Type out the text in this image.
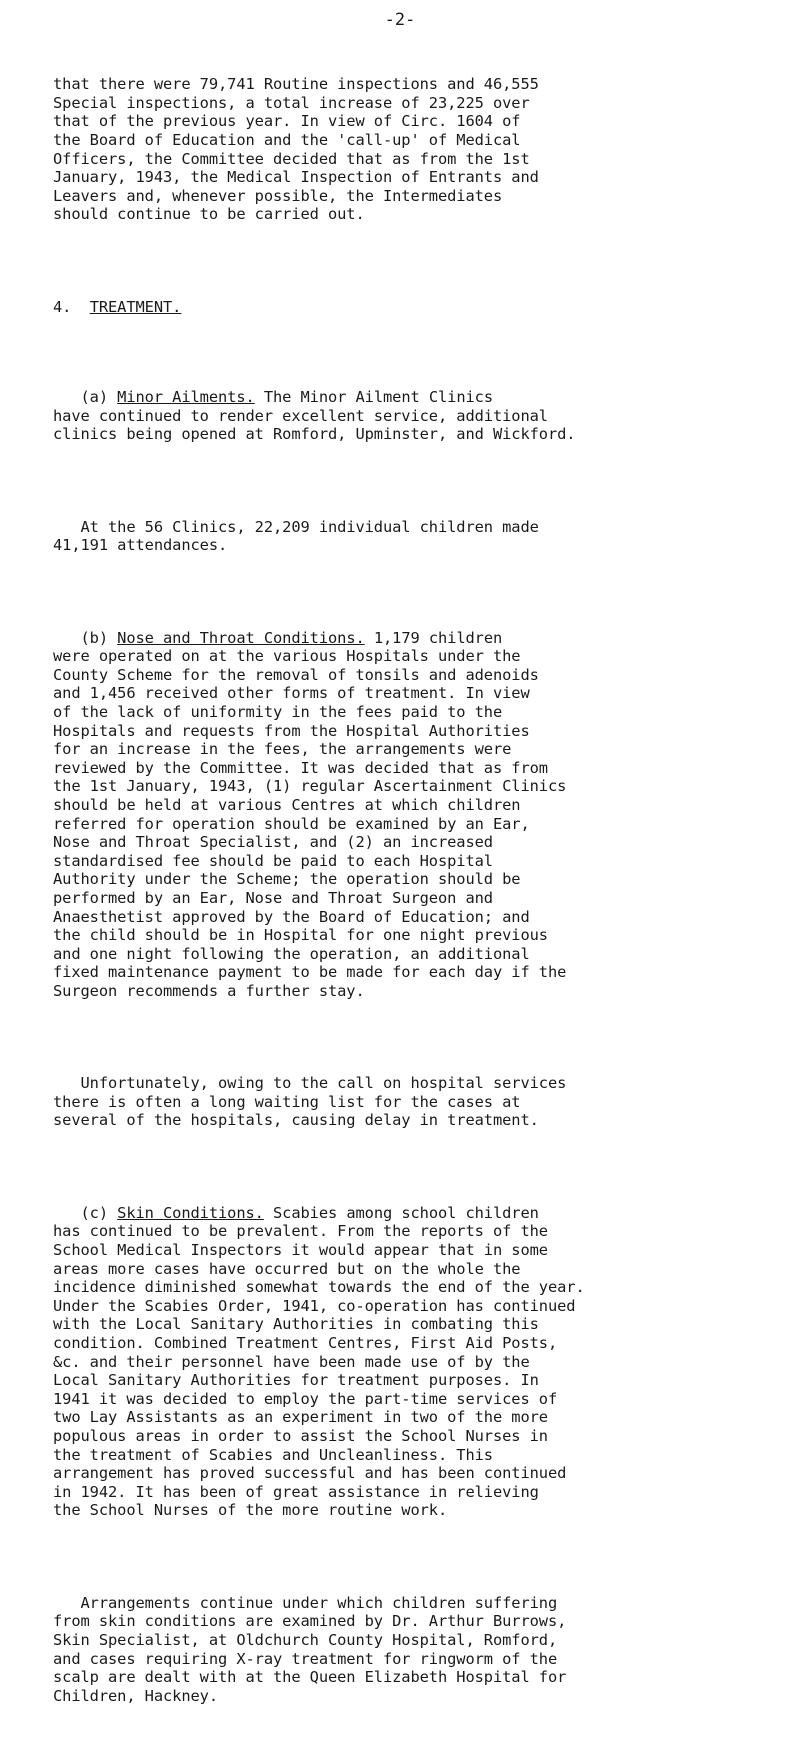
-2-

that there were 79,741 Routine inspections and 46,555
Special inspections, a total increase of 23,225 over
that of the previous year. In view of Circ. 1604 of
the Board of Education and the 'call-up' of Medical
Officers, the Committee decided that as from the 1st
January, 1943, the Medical Inspection of Entrants and
Leavers and, whenever possible, the Intermediates
should continue to be carried out.

4. TREATMENT.

(a) Minor Ailments. The Minor Ailment Clinics
have continued to render excellent service, additional
clinics being opened at Romford, Upminster, and Wickford.

At the 56 Clinics, 22,209 individual children made
41,191 attendances.

(b) Nose and Throat Conditions. 1,179 children
were operated on at the various Hospitals under the
County Scheme for the removal of tonsils and adenoids
and 1,456 received other forms of treatment. In view
of the lack of uniformity in the fees paid to the
Hospitals and requests from the Hospital Authorities
for an increase in the fees, the arrangements were
reviewed by the Committee. It was decided that as from
the 1st January, 1943, (1) regular Ascertainment Clinics
should be held at various Centres at which children
referred for operation should be examined by an Ear,
Nose and Throat Specialist, and (2) an increased
standardised fee should be paid to each Hospital
Authority under the Scheme; the operation should be
performed by an Ear, Nose and Throat Surgeon and
Anaesthetist approved by the Board of Education; and
the child should be in Hospital for one night previous
and one night following the operation, an additional
fixed maintenance payment to be made for each day if the
Surgeon recommends a further stay.

Unfortunately, owing to the call on hospital services
there is often a long waiting list for the cases at
several of the hospitals, causing delay in treatment.

(c) Skin Conditions. Scabies among school children
has continued to be prevalent. From the reports of the
School Medical Inspectors it would appear that in some
areas more cases have occurred but on the whole the
incidence diminished somewhat towards the end of the year.
Under the Scabies Order, 1941, co-operation has continued
with the Local Sanitary Authorities in combating this
condition. Combined Treatment Centres, First Aid Posts,
&c. and their personnel have been made use of by the
Local Sanitary Authorities for treatment purposes. In
1941 it was decided to employ the part-time services of
two Lay Assistants as an experiment in two of the more
populous areas in order to assist the School Nurses in
the treatment of Scabies and Uncleanliness. This
arrangement has proved successful and has been continued
in 1942. It has been of great assistance in relieving
the School Nurses of the more routine work.

Arrangements continue under which children suffering
from skin conditions are examined by Dr. Arthur Burrows,
Skin Specialist, at Oldchurch County Hospital, Romford,
and cases requiring X-ray treatment for ringworm of the
scalp are dealt with at the Queen Elizabeth Hospital for
Children, Hackney.
